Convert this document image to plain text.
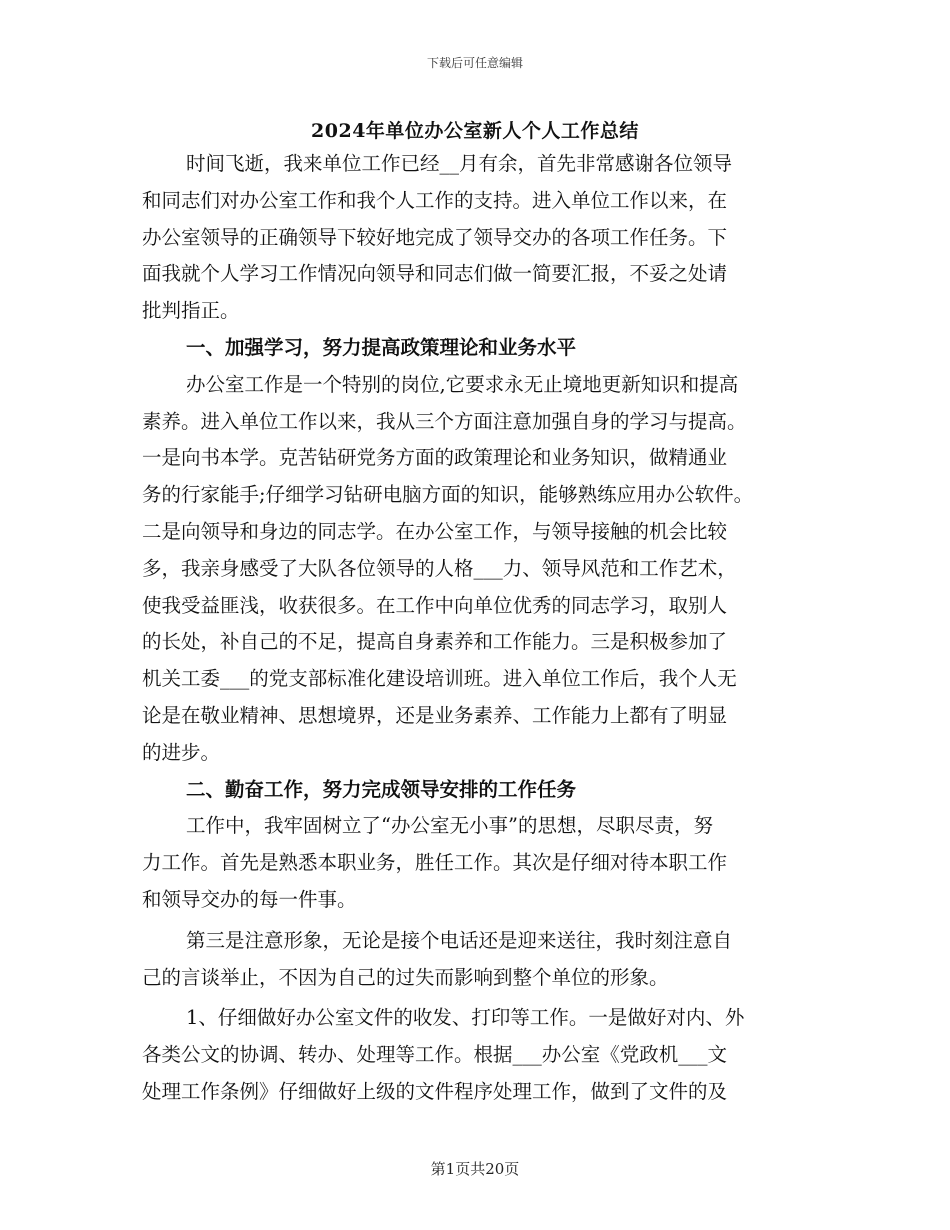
下载后可任意编辑
2024年单位办公室新人个人工作总结
时间飞逝，我来单位工作已经__月有余，首先非常感谢各位领导
和同志们对办公室工作和我个人工作的支持。进入单位工作以来，在
办公室领导的正确领导下较好地完成了领导交办的各项工作任务。下
面我就个人学习工作情况向领导和同志们做一简要汇报，不妥之处请
批判指正。
一、加强学习，努力提高政策理论和业务水平
办公室工作是一个特别的岗位,它要求永无止境地更新知识和提高
素养。进入单位工作以来，我从三个方面注意加强自身的学习与提高。
一是向书本学。克苦钻研党务方面的政策理论和业务知识，做精通业
务的行家能手;仔细学习钻研电脑方面的知识，能够熟练应用办公软件。
二是向领导和身边的同志学。在办公室工作，与领导接触的机会比较
多，我亲身感受了大队各位领导的人格___力、领导风范和工作艺术，
使我受益匪浅，收获很多。在工作中向单位优秀的同志学习，取别人
的长处，补自己的不足，提高自身素养和工作能力。三是积极参加了
机关工委___的党支部标准化建设培训班。进入单位工作后，我个人无
论是在敬业精神、思想境界，还是业务素养、工作能力上都有了明显
的进步。
二、勤奋工作，努力完成领导安排的工作任务
工作中，我牢固树立了“办公室无小事”的思想，尽职尽责，努
力工作。首先是熟悉本职业务，胜任工作。其次是仔细对待本职工作
和领导交办的每一件事。
第三是注意形象，无论是接个电话还是迎来送往，我时刻注意自
己的言谈举止，不因为自己的过失而影响到整个单位的形象。
1、仔细做好办公室文件的收发、打印等工作。一是做好对内、外
各类公文的协调、转办、处理等工作。根据___办公室《党政机___文
处理工作条例》仔细做好上级的文件程序处理工作，做到了文件的及
第1页共20页
